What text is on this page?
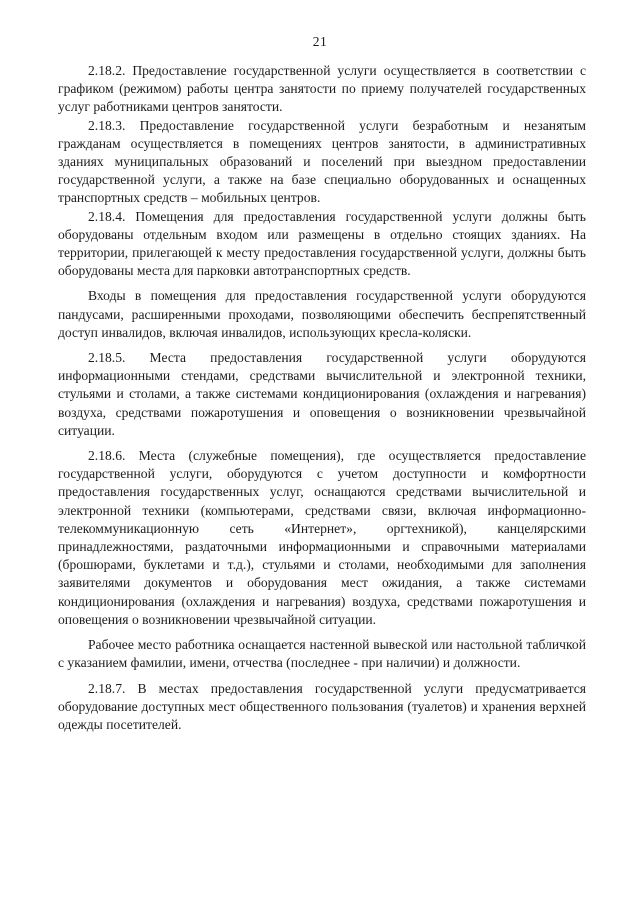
21

2.18.2. Предоставление государственной услуги осуществляется в соответствии с графиком (режимом) работы центра занятости по приему получателей государственных услуг работниками центров занятости.

2.18.3. Предоставление государственной услуги безработным и незанятым гражданам осуществляется в помещениях центров занятости, в административных зданиях муниципальных образований и поселений при выездном предоставлении государственной услуги, а также на базе специально оборудованных и оснащенных транспортных средств – мобильных центров.

2.18.4. Помещения для предоставления государственной услуги должны быть оборудованы отдельным входом или размещены в отдельно стоящих зданиях. На территории, прилегающей к месту предоставления государственной услуги, должны быть оборудованы места для парковки автотранспортных средств.

Входы в помещения для предоставления государственной услуги оборудуются пандусами, расширенными проходами, позволяющими обеспечить беспрепятственный доступ инвалидов, включая инвалидов, использующих кресла-коляски.

2.18.5. Места предоставления государственной услуги оборудуются информационными стендами, средствами вычислительной и электронной техники, стульями и столами, а также системами кондиционирования (охлаждения и нагревания) воздуха, средствами пожаротушения и оповещения о возникновении чрезвычайной ситуации.

2.18.6. Места (служебные помещения), где осуществляется предоставление государственной услуги, оборудуются с учетом доступности и комфортности предоставления государственных услуг, оснащаются средствами вычислительной и электронной техники (компьютерами, средствами связи, включая информационно-телекоммуникационную сеть «Интернет», оргтехникой), канцелярскими принадлежностями, раздаточными информационными и справочными материалами (брошюрами, буклетами и т.д.), стульями и столами, необходимыми для заполнения заявителями документов и оборудования мест ожидания, а также системами кондиционирования (охлаждения и нагревания) воздуха, средствами пожаротушения и оповещения о возникновении чрезвычайной ситуации.

Рабочее место работника оснащается настенной вывеской или настольной табличкой с указанием фамилии, имени, отчества (последнее - при наличии) и должности.

2.18.7. В местах предоставления государственной услуги предусматривается оборудование доступных мест общественного пользования (туалетов) и хранения верхней одежды посетителей.
